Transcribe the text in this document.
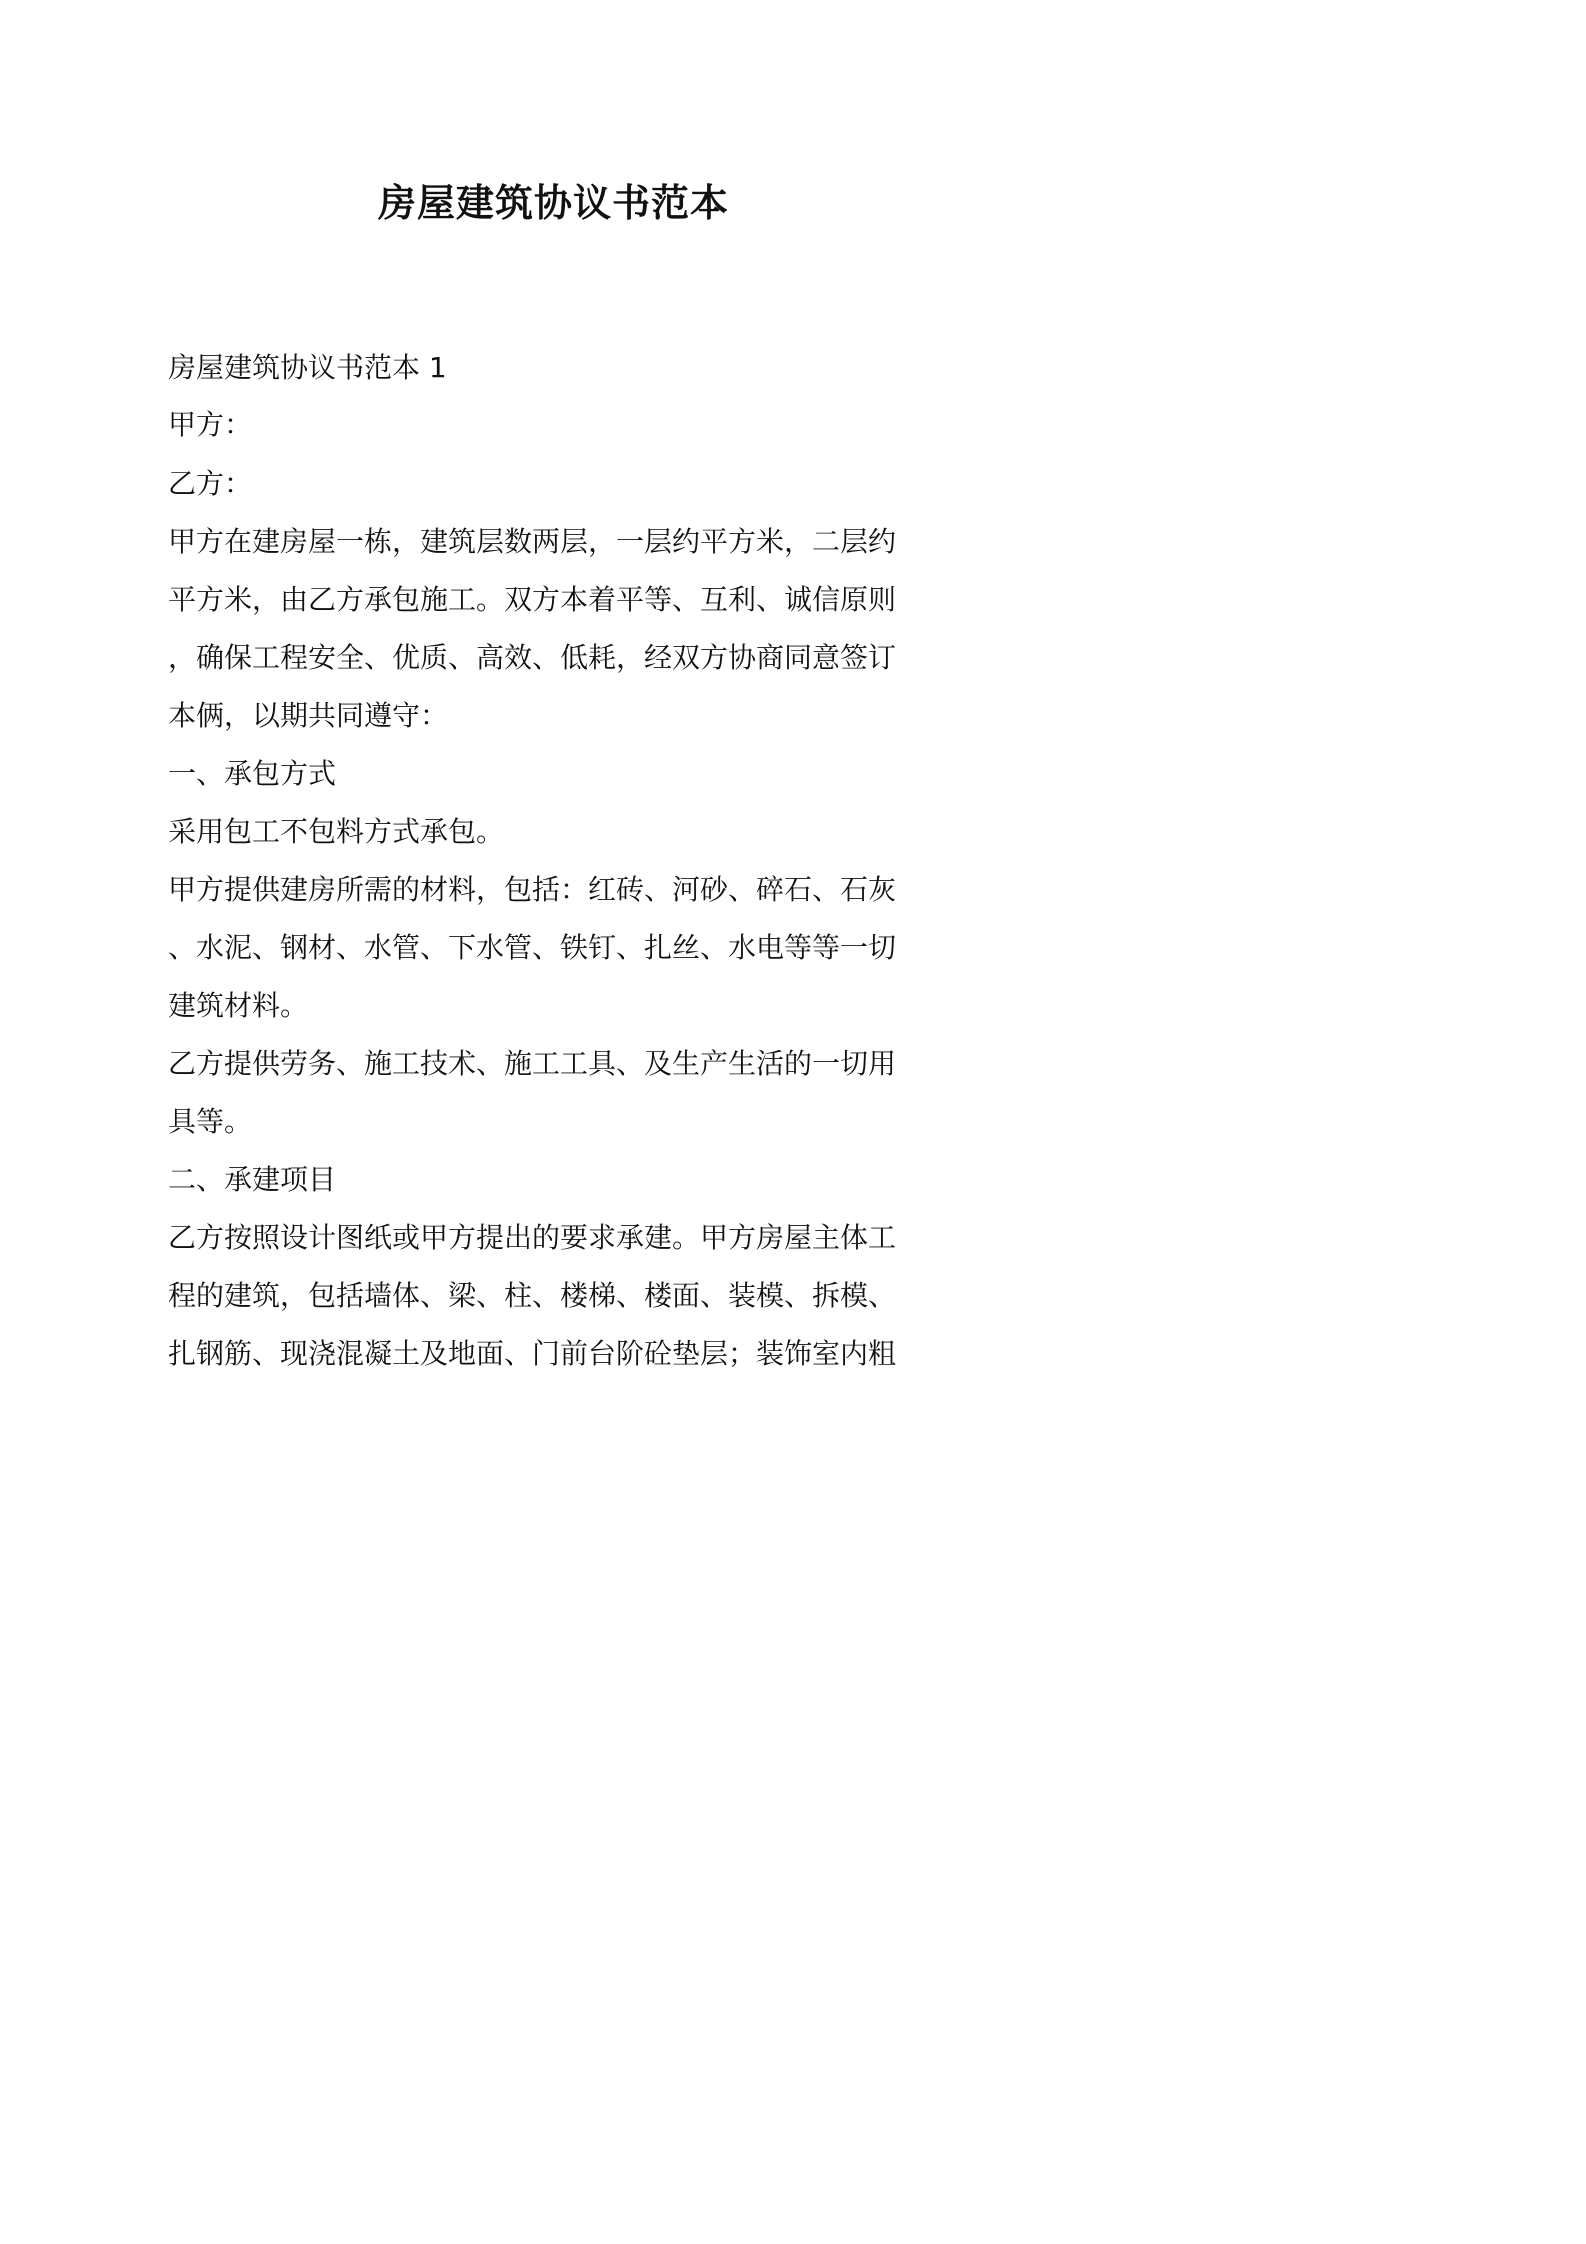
房屋建筑协议书范本

房屋建筑协议书范本 1

甲方：

乙方：

甲方在建房屋一栋，建筑层数两层，一层约平方米，二层约

平方米，由乙方承包施工。双方本着平等、互利、诚信原则

，确保工程安全、优质、高效、低耗，经双方协商同意签订

本俩，以期共同遵守：

一、承包方式

采用包工不包料方式承包。

甲方提供建房所需的材料，包括：红砖、河砂、碎石、石灰

、水泥、钢材、水管、下水管、铁钉、扎丝、水电等等一切

建筑材料。

乙方提供劳务、施工技术、施工工具、及生产生活的一切用

具等。

二、承建项目

乙方按照设计图纸或甲方提出的要求承建。甲方房屋主体工

程的建筑，包括墙体、梁、柱、楼梯、楼面、装模、拆模、

扎钢筋、现浇混凝土及地面、门前台阶砼垫层；装饰室内粗
